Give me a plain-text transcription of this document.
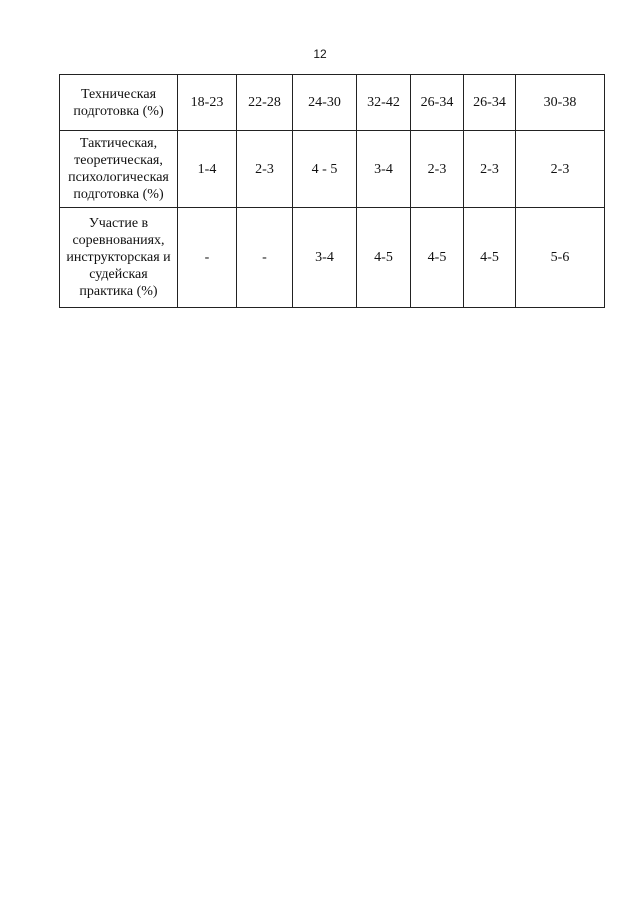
12
Техническая
подготовка (%)	18-23	22-28	24-30	32-42	26-34	26-34	30-38
Тактическая,
теоретическая,
психологическая
подготовка (%)	1-4	2-3	4 - 5	3-4	2-3	2-3	2-3
Участие в
соревнованиях,
инструкторская и
судейская
практика (%)	-	-	3-4	4-5	4-5	4-5	5-6
